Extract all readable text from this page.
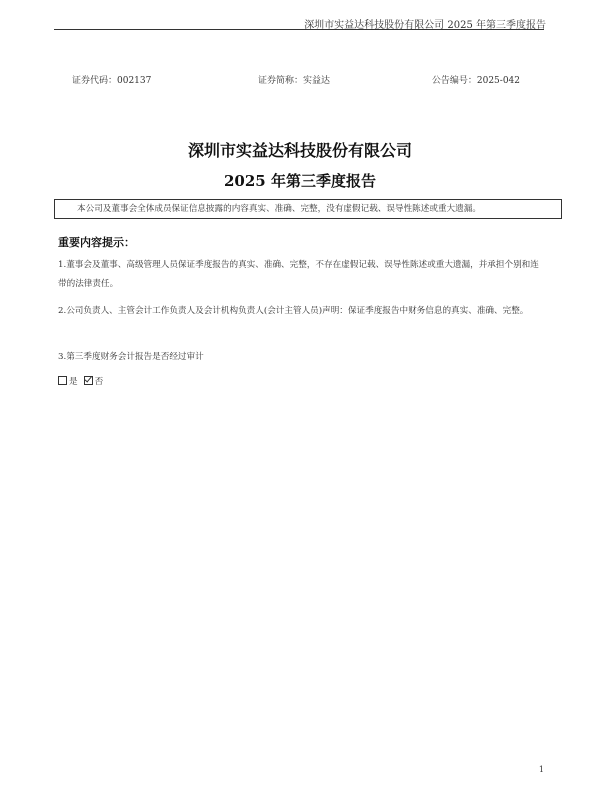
深圳市实益达科技股份有限公司 2025 年第三季度报告
证券代码：002137	证券简称：实益达	公告编号：2025-042
深圳市实益达科技股份有限公司
2025 年第三季度报告
本公司及董事会全体成员保证信息披露的内容真实、准确、完整，没有虚假记载、误导性陈述或重大遗漏。
重要内容提示：
1.董事会及董事、高级管理人员保证季度报告的真实、准确、完整，不存在虚假记载、误导性陈述或重大遗漏，并承担个别和连带的法律责任。
2.公司负责人、主管会计工作负责人及会计机构负责人(会计主管人员)声明：保证季度报告中财务信息的真实、准确、完整。
3.第三季度财务会计报告是否经过审计
是 否
1
